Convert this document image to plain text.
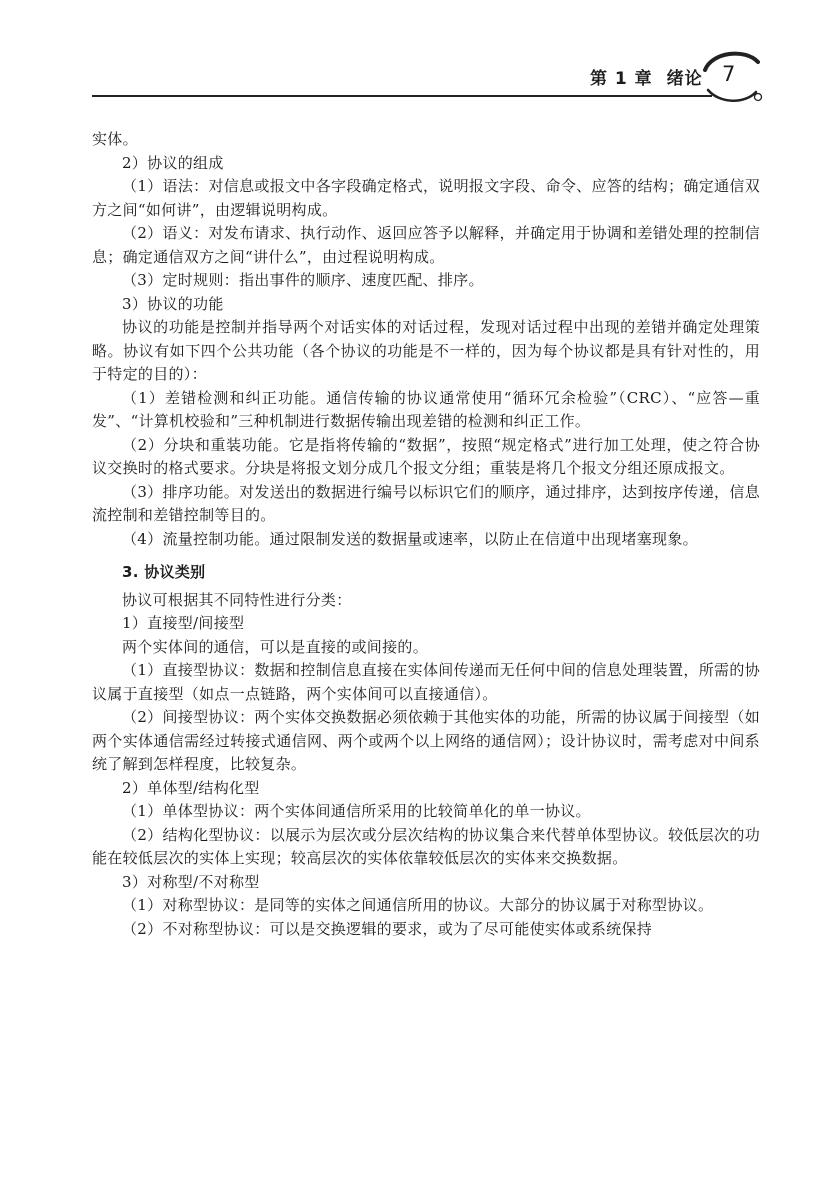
第 1 章 绪论 7

实体。

2）协议的组成

（1）语法：对信息或报文中各字段确定格式，说明报文字段、命令、应答的结构；确定通信双方之间“如何讲”，由逻辑说明构成。

（2）语义：对发布请求、执行动作、返回应答予以解释，并确定用于协调和差错处理的控制信息；确定通信双方之间“讲什么”，由过程说明构成。

（3）定时规则：指出事件的顺序、速度匹配、排序。

3）协议的功能

协议的功能是控制并指导两个对话实体的对话过程，发现对话过程中出现的差错并确定处理策略。协议有如下四个公共功能（各个协议的功能是不一样的，因为每个协议都是具有针对性的，用于特定的目的）：

（1）差错检测和纠正功能。通信传输的协议通常使用“循环冗余检验”（CRC）、“应答—重发”、“计算机校验和”三种机制进行数据传输出现差错的检测和纠正工作。

（2）分块和重装功能。它是指将传输的“数据”，按照“规定格式”进行加工处理，使之符合协议交换时的格式要求。分块是将报文划分成几个报文分组；重装是将几个报文分组还原成报文。

（3）排序功能。对发送出的数据进行编号以标识它们的顺序，通过排序，达到按序传递，信息流控制和差错控制等目的。

（4）流量控制功能。通过限制发送的数据量或速率，以防止在信道中出现堵塞现象。

3. 协议类别

协议可根据其不同特性进行分类：

1）直接型/间接型

两个实体间的通信，可以是直接的或间接的。

（1）直接型协议：数据和控制信息直接在实体间传递而无任何中间的信息处理装置，所需的协议属于直接型（如点一点链路，两个实体间可以直接通信）。

（2）间接型协议：两个实体交换数据必须依赖于其他实体的功能，所需的协议属于间接型（如两个实体通信需经过转接式通信网、两个或两个以上网络的通信网）；设计协议时，需考虑对中间系统了解到怎样程度，比较复杂。

2）单体型/结构化型

（1）单体型协议：两个实体间通信所采用的比较简单化的单一协议。

（2）结构化型协议：以展示为层次或分层次结构的协议集合来代替单体型协议。较低层次的功能在较低层次的实体上实现；较高层次的实体依靠较低层次的实体来交换数据。

3）对称型/不对称型

（1）对称型协议：是同等的实体之间通信所用的协议。大部分的协议属于对称型协议。

（2）不对称型协议：可以是交换逻辑的要求，或为了尽可能使实体或系统保持
